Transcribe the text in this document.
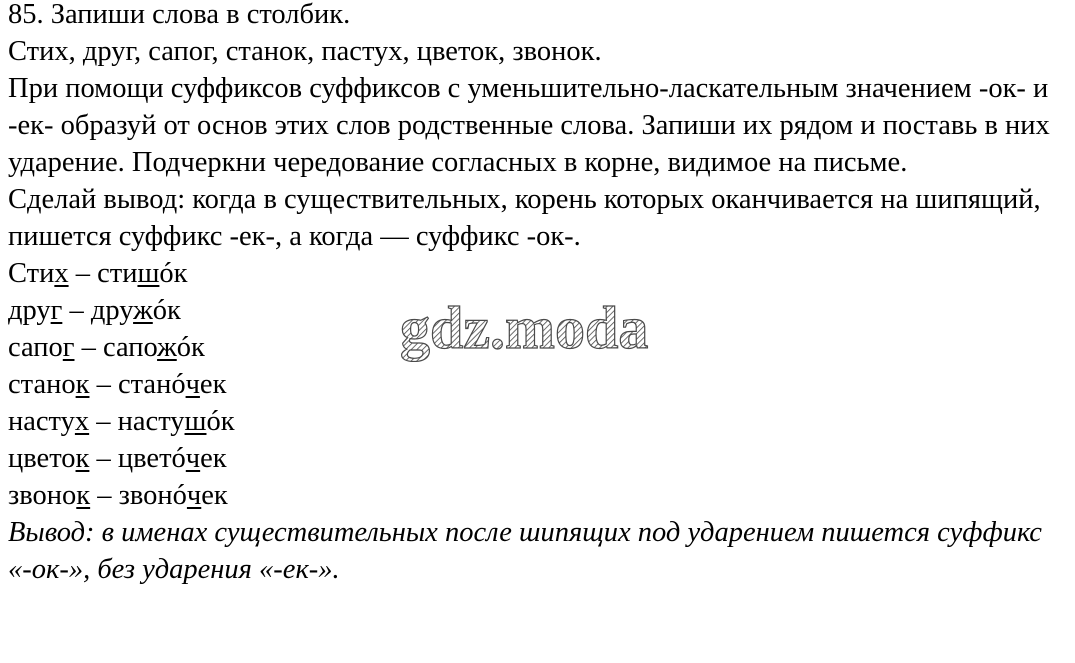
85. Запиши слова в столбик.
Стих, друг, сапог, станок, пастух, цветок, звонок.
При помощи суффиксов суффиксов с уменьшительно-ласкательным значением -ок- и -ек- образуй от основ этих слов родственные слова. Запиши их рядом и поставь в них ударение. Подчеркни чередование согласных в корне, видимое на письме.
Сделай вывод: когда в существительных, корень которых оканчивается на шипящий, пишется суффикс -ек-, а когда — суффикс -ок-.
Стих – стишóк
друг – дружóк
сапог – сапожóк
станок – станóчек
настух – настушóк
цветок – цветóчек
звонок – звонóчек
Вывод: в именах существительных после шипящих под ударением пишется суффикс «-ок-», без ударения «-ек-».
gdz.moda
